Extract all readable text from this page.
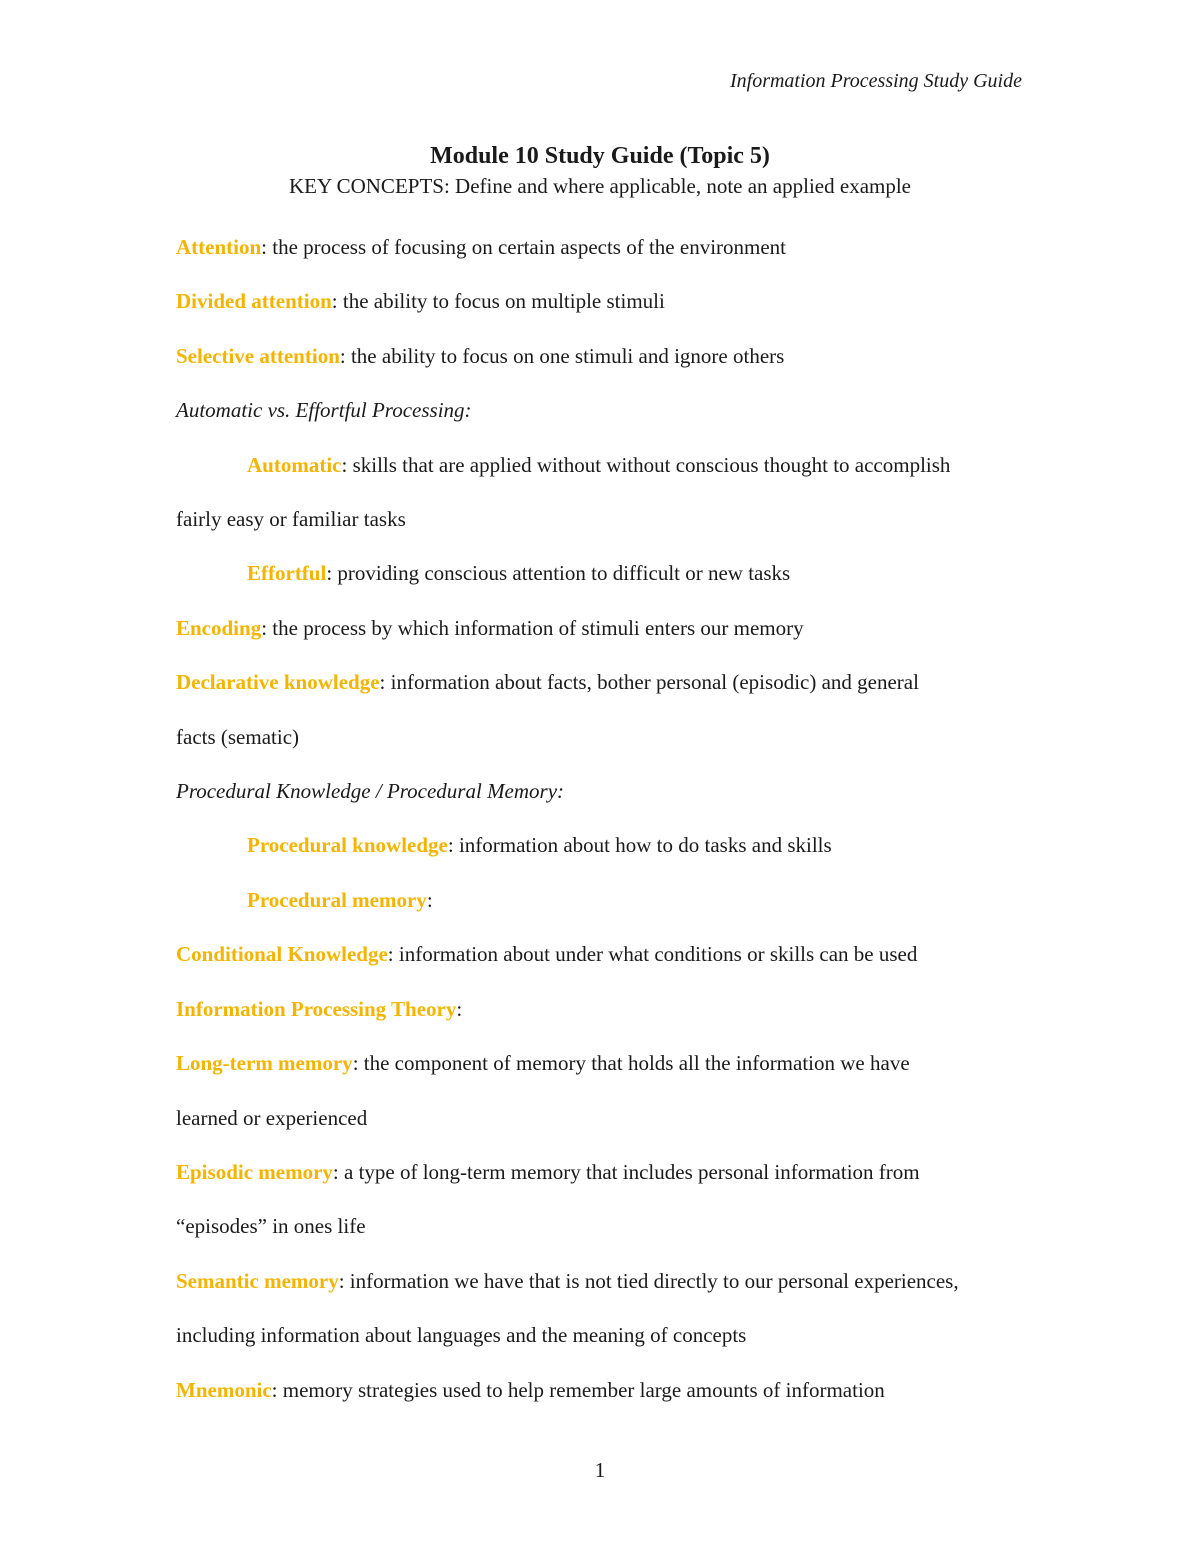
Information Processing Study Guide
Module 10 Study Guide (Topic 5)
KEY CONCEPTS: Define and where applicable, note an applied example

Attention: the process of focusing on certain aspects of the environment

Divided attention: the ability to focus on multiple stimuli

Selective attention: the ability to focus on one stimuli and ignore others

Automatic vs. Effortful Processing:

Automatic: skills that are applied without without conscious thought to accomplish

fairly easy or familiar tasks

Effortful: providing conscious attention to difficult or new tasks

Encoding: the process by which information of stimuli enters our memory

Declarative knowledge: information about facts, bother personal (episodic) and general

facts (sematic)

Procedural Knowledge / Procedural Memory:

Procedural knowledge: information about how to do tasks and skills

Procedural memory:

Conditional Knowledge: information about under what conditions or skills can be used

Information Processing Theory:

Long-term memory: the component of memory that holds all the information we have

learned or experienced

Episodic memory: a type of long-term memory that includes personal information from

“episodes” in ones life

Semantic memory: information we have that is not tied directly to our personal experiences,

including information about languages and the meaning of concepts

Mnemonic: memory strategies used to help remember large amounts of information

1
